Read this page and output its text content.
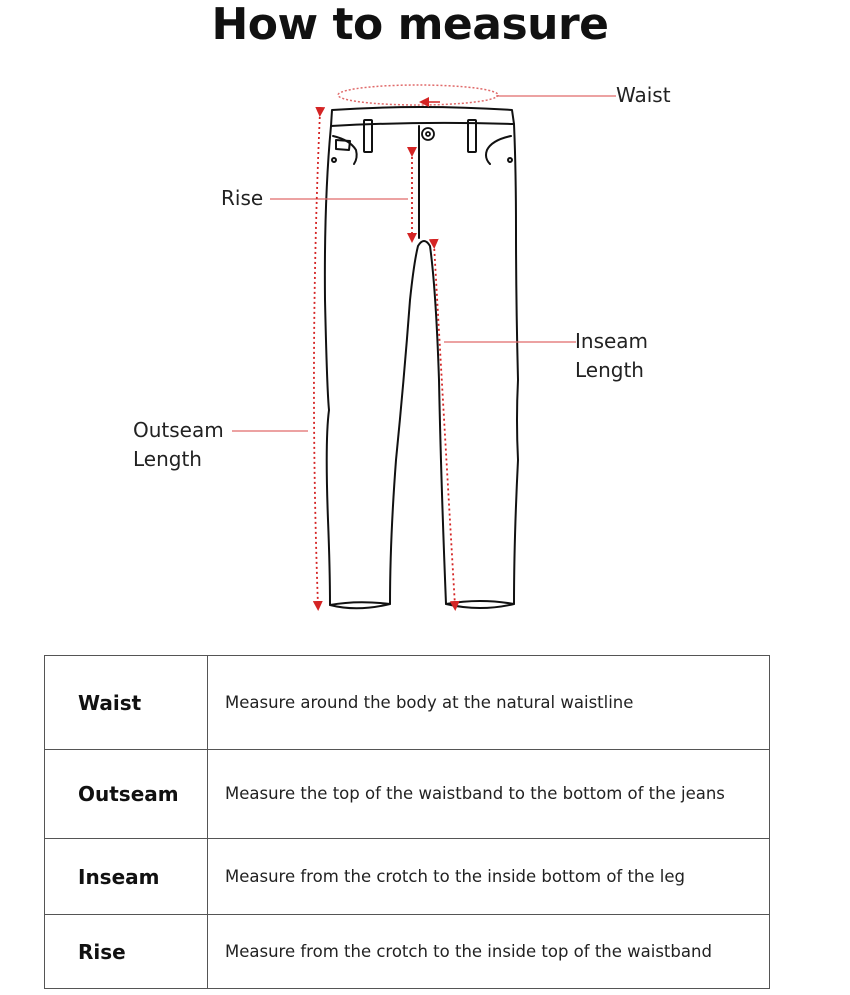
How to measure
Waist
Rise
Inseam
Length
Outseam
Length
Waist	Measure around the body at the natural waistline
Outseam	Measure the top of the waistband to the bottom of the jeans
Inseam	Measure from the crotch to the inside bottom of the leg
Rise	Measure from the crotch to the inside top of the waistband
